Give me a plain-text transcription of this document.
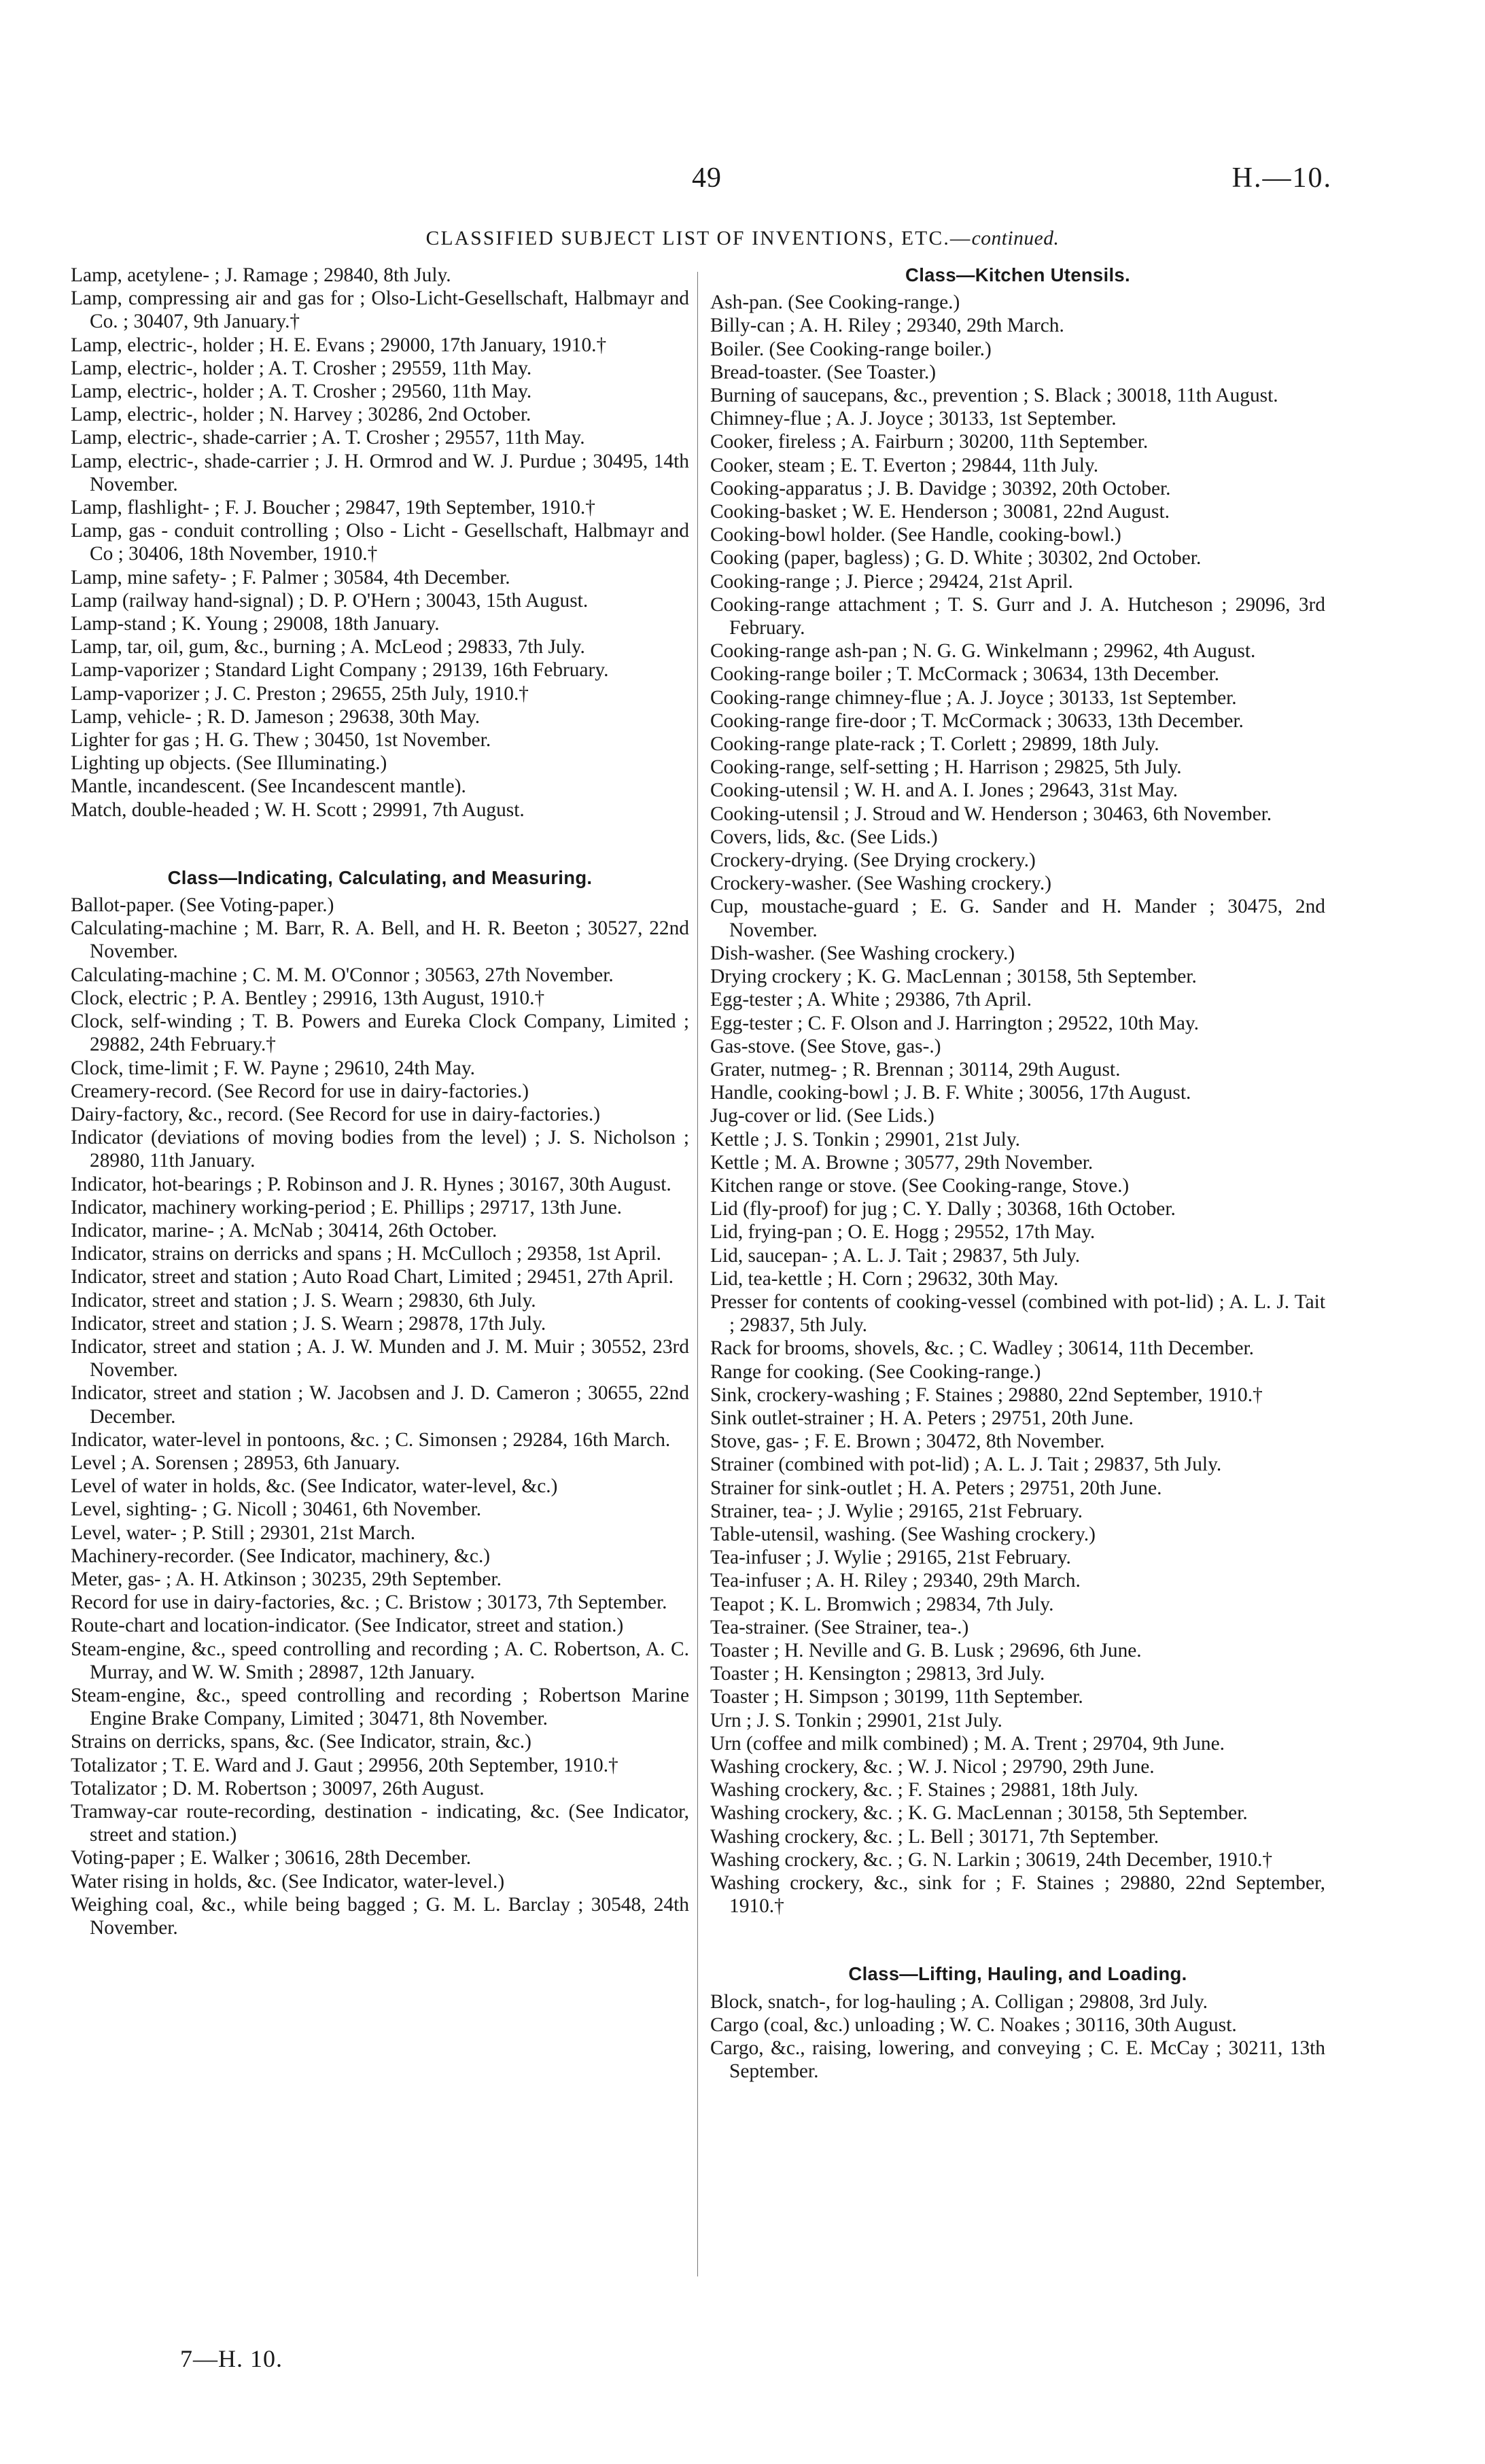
49	H.—10.
CLASSIFIED SUBJECT LIST OF INVENTIONS, ETC.—continued.
Lamp, acetylene- ; J. Ramage ; 29840, 8th July.
Lamp, compressing air and gas for ; Olso-Licht-Gesellschaft, Halbmayr and Co. ; 30407, 9th January.†
Lamp, electric-, holder ; H. E. Evans ; 29000, 17th January, 1910.†
Lamp, electric-, holder ; A. T. Crosher ; 29559, 11th May.
Lamp, electric-, holder ; A. T. Crosher ; 29560, 11th May.
Lamp, electric-, holder ; N. Harvey ; 30286, 2nd October.
Lamp, electric-, shade-carrier ; A. T. Crosher ; 29557, 11th May.
Lamp, electric-, shade-carrier ; J. H. Ormrod and W. J. Purdue ; 30495, 14th November.
Lamp, flashlight- ; F. J. Boucher ; 29847, 19th September, 1910.†
Lamp, gas - conduit controlling ; Olso - Licht - Gesellschaft, Halbmayr and Co ; 30406, 18th November, 1910.†
Lamp, mine safety- ; F. Palmer ; 30584, 4th December.
Lamp (railway hand-signal) ; D. P. O'Hern ; 30043, 15th August.
Lamp-stand ; K. Young ; 29008, 18th January.
Lamp, tar, oil, gum, &c., burning ; A. McLeod ; 29833, 7th July.
Lamp-vaporizer ; Standard Light Company ; 29139, 16th February.
Lamp-vaporizer ; J. C. Preston ; 29655, 25th July, 1910.†
Lamp, vehicle- ; R. D. Jameson ; 29638, 30th May.
Lighter for gas ; H. G. Thew ; 30450, 1st November.
Lighting up objects. (See Illuminating.)
Mantle, incandescent. (See Incandescent mantle).
Match, double-headed ; W. H. Scott ; 29991, 7th August.
Class—Indicating, Calculating, and Measuring.
Ballot-paper. (See Voting-paper.)
Calculating-machine ; M. Barr, R. A. Bell, and H. R. Beeton ; 30527, 22nd November.
Calculating-machine ; C. M. M. O'Connor ; 30563, 27th November.
Clock, electric ; P. A. Bentley ; 29916, 13th August, 1910.†
Clock, self-winding ; T. B. Powers and Eureka Clock Company, Limited ; 29882, 24th February.†
Clock, time-limit ; F. W. Payne ; 29610, 24th May.
Creamery-record. (See Record for use in dairy-factories.)
Dairy-factory, &c., record. (See Record for use in dairy-factories.)
Indicator (deviations of moving bodies from the level) ; J. S. Nicholson ; 28980, 11th January.
Indicator, hot-bearings ; P. Robinson and J. R. Hynes ; 30167, 30th August.
Indicator, machinery working-period ; E. Phillips ; 29717, 13th June.
Indicator, marine- ; A. McNab ; 30414, 26th October.
Indicator, strains on derricks and spans ; H. McCulloch ; 29358, 1st April.
Indicator, street and station ; Auto Road Chart, Limited ; 29451, 27th April.
Indicator, street and station ; J. S. Wearn ; 29830, 6th July.
Indicator, street and station ; J. S. Wearn ; 29878, 17th July.
Indicator, street and station ; A. J. W. Munden and J. M. Muir ; 30552, 23rd November.
Indicator, street and station ; W. Jacobsen and J. D. Cameron ; 30655, 22nd December.
Indicator, water-level in pontoons, &c. ; C. Simonsen ; 29284, 16th March.
Level ; A. Sorensen ; 28953, 6th January.
Level of water in holds, &c. (See Indicator, water-level, &c.)
Level, sighting- ; G. Nicoll ; 30461, 6th November.
Level, water- ; P. Still ; 29301, 21st March.
Machinery-recorder. (See Indicator, machinery, &c.)
Meter, gas- ; A. H. Atkinson ; 30235, 29th September.
Record for use in dairy-factories, &c. ; C. Bristow ; 30173, 7th September.
Route-chart and location-indicator. (See Indicator, street and station.)
Steam-engine, &c., speed controlling and recording ; A. C. Robertson, A. C. Murray, and W. W. Smith ; 28987, 12th January.
Steam-engine, &c., speed controlling and recording ; Robertson Marine Engine Brake Company, Limited ; 30471, 8th November.
Strains on derricks, spans, &c. (See Indicator, strain, &c.)
Totalizator ; T. E. Ward and J. Gaut ; 29956, 20th September, 1910.†
Totalizator ; D. M. Robertson ; 30097, 26th August.
Tramway-car route-recording, destination - indicating, &c. (See Indicator, street and station.)
Voting-paper ; E. Walker ; 30616, 28th December.
Water rising in holds, &c. (See Indicator, water-level.)
Weighing coal, &c., while being bagged ; G. M. L. Barclay ; 30548, 24th November.
Class—Kitchen Utensils.
Ash-pan. (See Cooking-range.)
Billy-can ; A. H. Riley ; 29340, 29th March.
Boiler. (See Cooking-range boiler.)
Bread-toaster. (See Toaster.)
Burning of saucepans, &c., prevention ; S. Black ; 30018, 11th August.
Chimney-flue ; A. J. Joyce ; 30133, 1st September.
Cooker, fireless ; A. Fairburn ; 30200, 11th September.
Cooker, steam ; E. T. Everton ; 29844, 11th July.
Cooking-apparatus ; J. B. Davidge ; 30392, 20th October.
Cooking-basket ; W. E. Henderson ; 30081, 22nd August.
Cooking-bowl holder. (See Handle, cooking-bowl.)
Cooking (paper, bagless) ; G. D. White ; 30302, 2nd October.
Cooking-range ; J. Pierce ; 29424, 21st April.
Cooking-range attachment ; T. S. Gurr and J. A. Hutcheson ; 29096, 3rd February.
Cooking-range ash-pan ; N. G. G. Winkelmann ; 29962, 4th August.
Cooking-range boiler ; T. McCormack ; 30634, 13th December.
Cooking-range chimney-flue ; A. J. Joyce ; 30133, 1st September.
Cooking-range fire-door ; T. McCormack ; 30633, 13th December.
Cooking-range plate-rack ; T. Corlett ; 29899, 18th July.
Cooking-range, self-setting ; H. Harrison ; 29825, 5th July.
Cooking-utensil ; W. H. and A. I. Jones ; 29643, 31st May.
Cooking-utensil ; J. Stroud and W. Henderson ; 30463, 6th November.
Covers, lids, &c. (See Lids.)
Crockery-drying. (See Drying crockery.)
Crockery-washer. (See Washing crockery.)
Cup, moustache-guard ; E. G. Sander and H. Mander ; 30475, 2nd November.
Dish-washer. (See Washing crockery.)
Drying crockery ; K. G. MacLennan ; 30158, 5th September.
Egg-tester ; A. White ; 29386, 7th April.
Egg-tester ; C. F. Olson and J. Harrington ; 29522, 10th May.
Gas-stove. (See Stove, gas-.)
Grater, nutmeg- ; R. Brennan ; 30114, 29th August.
Handle, cooking-bowl ; J. B. F. White ; 30056, 17th August.
Jug-cover or lid. (See Lids.)
Kettle ; J. S. Tonkin ; 29901, 21st July.
Kettle ; M. A. Browne ; 30577, 29th November.
Kitchen range or stove. (See Cooking-range, Stove.)
Lid (fly-proof) for jug ; C. Y. Dally ; 30368, 16th October.
Lid, frying-pan ; O. E. Hogg ; 29552, 17th May.
Lid, saucepan- ; A. L. J. Tait ; 29837, 5th July.
Lid, tea-kettle ; H. Corn ; 29632, 30th May.
Presser for contents of cooking-vessel (combined with pot-lid) ; A. L. J. Tait ; 29837, 5th July.
Rack for brooms, shovels, &c. ; C. Wadley ; 30614, 11th December.
Range for cooking. (See Cooking-range.)
Sink, crockery-washing ; F. Staines ; 29880, 22nd September, 1910.†
Sink outlet-strainer ; H. A. Peters ; 29751, 20th June.
Stove, gas- ; F. E. Brown ; 30472, 8th November.
Strainer (combined with pot-lid) ; A. L. J. Tait ; 29837, 5th July.
Strainer for sink-outlet ; H. A. Peters ; 29751, 20th June.
Strainer, tea- ; J. Wylie ; 29165, 21st February.
Table-utensil, washing. (See Washing crockery.)
Tea-infuser ; J. Wylie ; 29165, 21st February.
Tea-infuser ; A. H. Riley ; 29340, 29th March.
Teapot ; K. L. Bromwich ; 29834, 7th July.
Tea-strainer. (See Strainer, tea-.)
Toaster ; H. Neville and G. B. Lusk ; 29696, 6th June.
Toaster ; H. Kensington ; 29813, 3rd July.
Toaster ; H. Simpson ; 30199, 11th September.
Urn ; J. S. Tonkin ; 29901, 21st July.
Urn (coffee and milk combined) ; M. A. Trent ; 29704, 9th June.
Washing crockery, &c. ; W. J. Nicol ; 29790, 29th June.
Washing crockery, &c. ; F. Staines ; 29881, 18th July.
Washing crockery, &c. ; K. G. MacLennan ; 30158, 5th September.
Washing crockery, &c. ; L. Bell ; 30171, 7th September.
Washing crockery, &c. ; G. N. Larkin ; 30619, 24th December, 1910.†
Washing crockery, &c., sink for ; F. Staines ; 29880, 22nd September, 1910.†
Class—Lifting, Hauling, and Loading.
Block, snatch-, for log-hauling ; A. Colligan ; 29808, 3rd July.
Cargo (coal, &c.) unloading ; W. C. Noakes ; 30116, 30th August.
Cargo, &c., raising, lowering, and conveying ; C. E. McCay ; 30211, 13th September.
7—H. 10.
